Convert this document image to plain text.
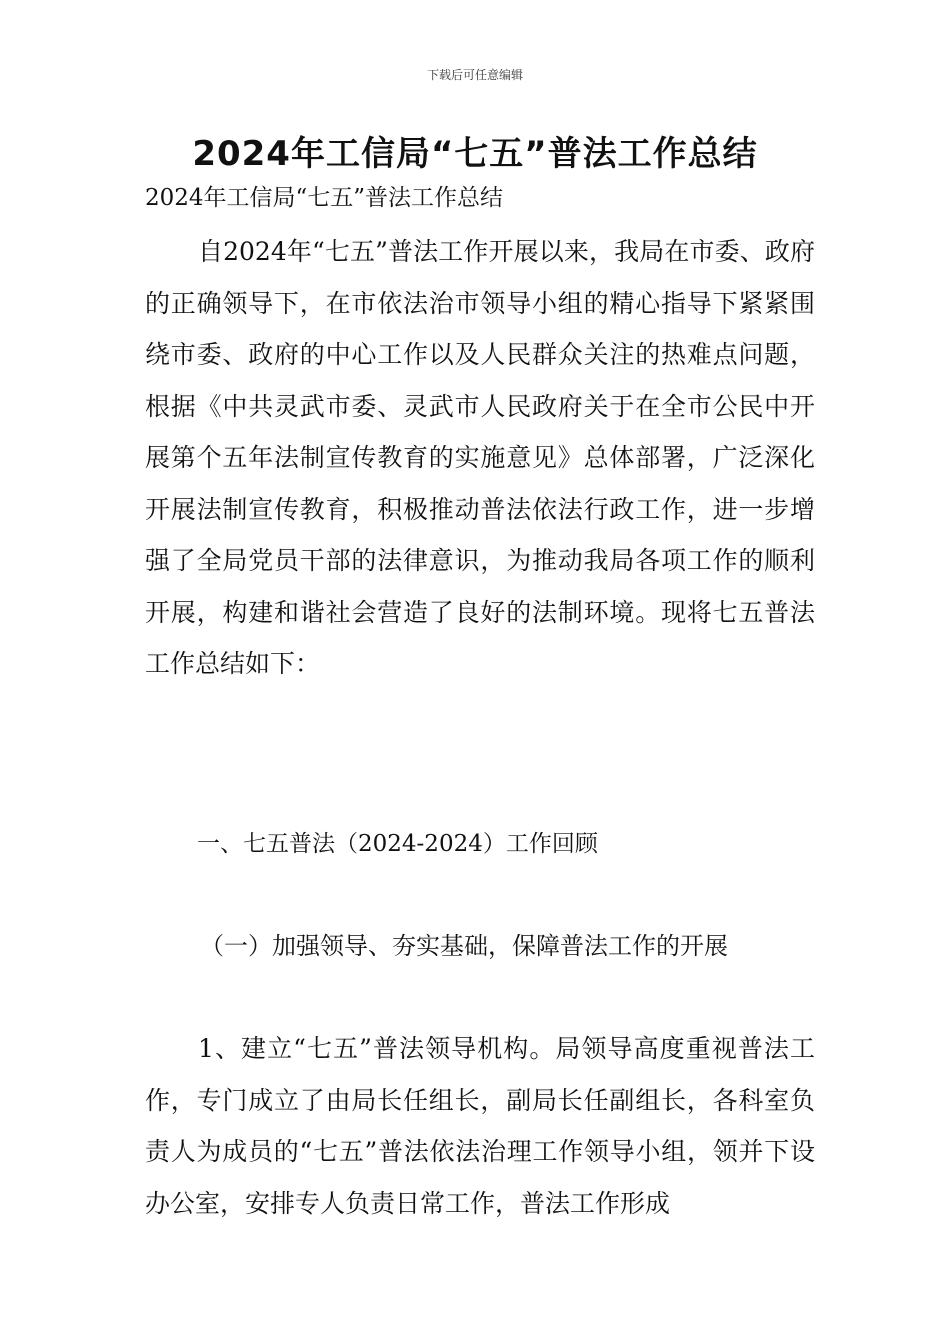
下载后可任意编辑
2024年工信局“七五”普法工作总结

2024年工信局“七五”普法工作总结

自2024年“七五”普法工作开展以来，我局在市委、政府的正确领导下，在市依法治市领导小组的精心指导下紧紧围绕市委、政府的中心工作以及人民群众关注的热难点问题，根据《中共灵武市委、灵武市人民政府关于在全市公民中开展第个五年法制宣传教育的实施意见》总体部署，广泛深化开展法制宣传教育，积极推动普法依法行政工作，进一步增强了全局党员干部的法律意识，为推动我局各项工作的顺利开展，构建和谐社会营造了良好的法制环境。现将七五普法工作总结如下：

一、七五普法（2024-2024）工作回顾

（一）加强领导、夯实基础，保障普法工作的开展

1、建立“七五”普法领导机构。局领导高度重视普法工作，专门成立了由局长任组长，副局长任副组长，各科室负责人为成员的“七五”普法依法治理工作领导小组，领并下设办公室，安排专人负责日常工作，普法工作形成
